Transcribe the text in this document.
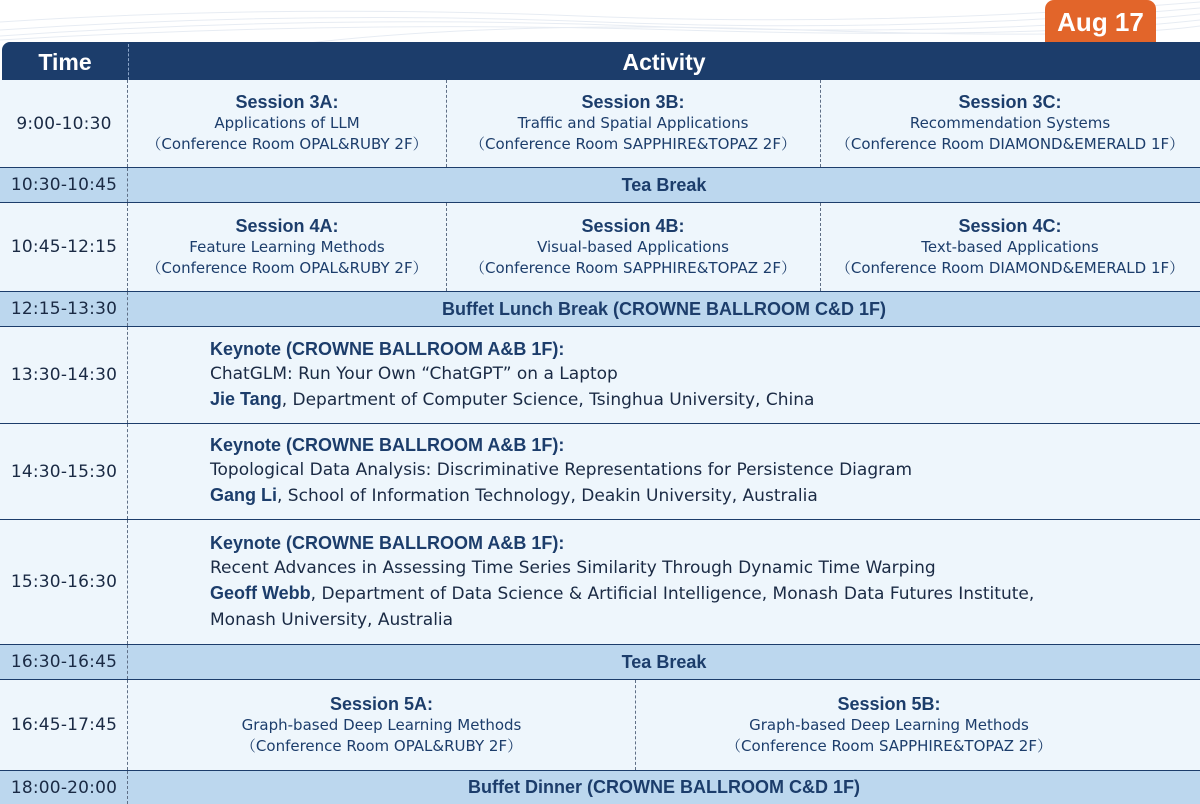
Aug 17
Time	Activity
9:00-10:30
Session 3A:
Applications of LLM
（Conference Room OPAL&RUBY 2F）
Session 3B:
Traffic and Spatial Applications
（Conference Room SAPPHIRE&TOPAZ 2F）
Session 3C:
Recommendation Systems
（Conference Room DIAMOND&EMERALD 1F）
10:30-10:45	Tea Break
10:45-12:15
Session 4A:
Feature Learning Methods
（Conference Room OPAL&RUBY 2F）
Session 4B:
Visual-based Applications
（Conference Room SAPPHIRE&TOPAZ 2F）
Session 4C:
Text-based Applications
（Conference Room DIAMOND&EMERALD 1F）
12:15-13:30	Buffet Lunch Break (CROWNE BALLROOM C&D 1F)
13:30-14:30
Keynote (CROWNE BALLROOM A&B 1F):
ChatGLM: Run Your Own “ChatGPT” on a Laptop
Jie Tang, Department of Computer Science, Tsinghua University, China
14:30-15:30
Keynote (CROWNE BALLROOM A&B 1F):
Topological Data Analysis: Discriminative Representations for Persistence Diagram
Gang Li, School of Information Technology, Deakin University, Australia
15:30-16:30
Keynote (CROWNE BALLROOM A&B 1F):
Recent Advances in Assessing Time Series Similarity Through Dynamic Time Warping
Geoff Webb, Department of Data Science & Artificial Intelligence, Monash Data Futures Institute, Monash University, Australia
16:30-16:45	Tea Break
16:45-17:45
Session 5A:
Graph-based Deep Learning Methods
（Conference Room OPAL&RUBY 2F）
Session 5B:
Graph-based Deep Learning Methods
（Conference Room SAPPHIRE&TOPAZ 2F）
18:00-20:00	Buffet Dinner (CROWNE BALLROOM C&D 1F)
